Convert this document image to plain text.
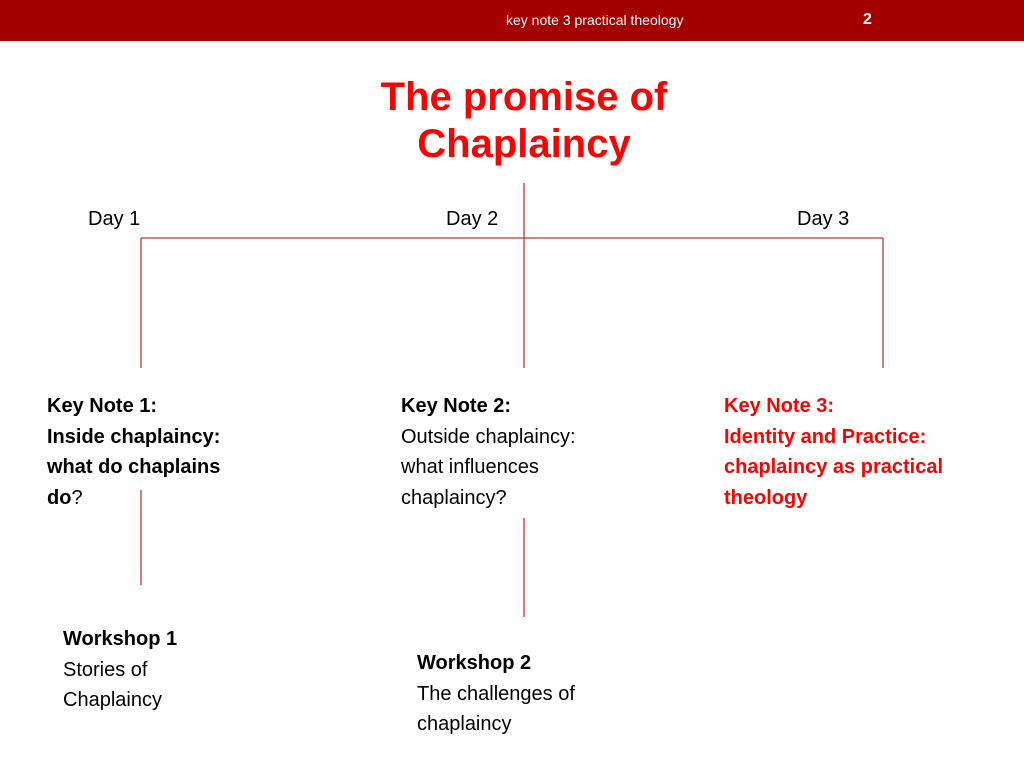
key note 3 practical theology	2
The promise of
Chaplaincy
Day 1	Day 2	Day 3
Key Note 1:
Inside chaplaincy:
what do chaplains
do?
Key Note 2:
Outside chaplaincy:
what influences
chaplaincy?
Key Note 3:
Identity and Practice:
chaplaincy as practical
theology
Workshop 1
Stories of
Chaplaincy
Workshop 2
The challenges of
chaplaincy
